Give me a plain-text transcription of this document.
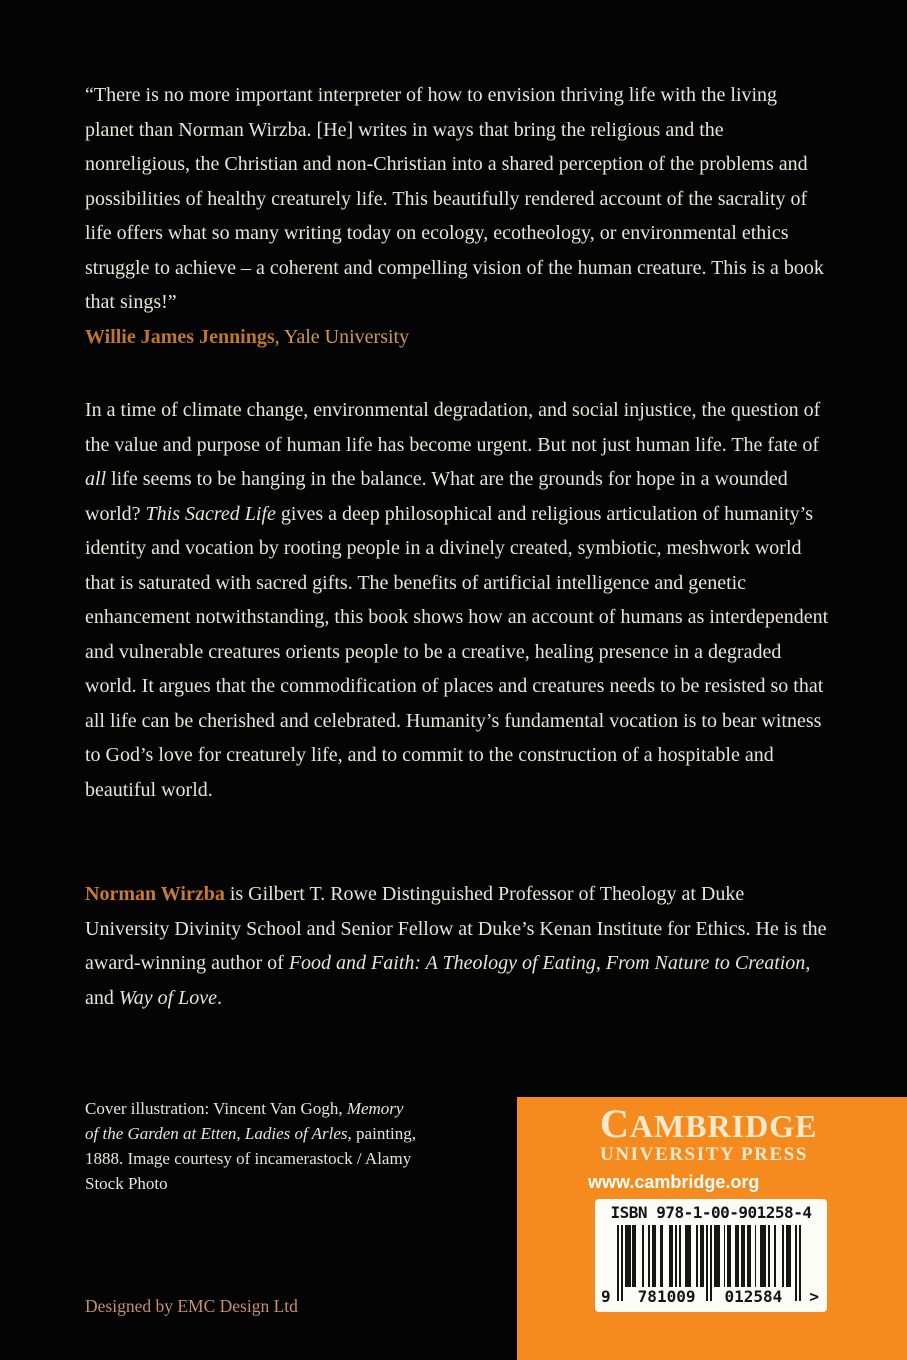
“There is no more important interpreter of how to envision thriving life with the living planet than Norman Wirzba. [He] writes in ways that bring the religious and the nonreligious, the Christian and non-Christian into a shared perception of the problems and possibilities of healthy creaturely life. This beautifully rendered account of the sacrality of life offers what so many writing today on ecology, ecotheology, or environmental ethics struggle to achieve – a coherent and compelling vision of the human creature. This is a book that sings!”
Willie James Jennings, Yale University
In a time of climate change, environmental degradation, and social injustice, the question of the value and purpose of human life has become urgent. But not just human life. The fate of all life seems to be hanging in the balance. What are the grounds for hope in a wounded world? This Sacred Life gives a deep philosophical and religious articulation of humanity’s identity and vocation by rooting people in a divinely created, symbiotic, meshwork world that is saturated with sacred gifts. The benefits of artificial intelligence and genetic enhancement notwithstanding, this book shows how an account of humans as interdependent and vulnerable creatures orients people to be a creative, healing presence in a degraded world. It argues that the commodification of places and creatures needs to be resisted so that all life can be cherished and celebrated. Humanity’s fundamental vocation is to bear witness to God’s love for creaturely life, and to commit to the construction of a hospitable and beautiful world.
Norman Wirzba is Gilbert T. Rowe Distinguished Professor of Theology at Duke University Divinity School and Senior Fellow at Duke’s Kenan Institute for Ethics. He is the award-winning author of Food and Faith: A Theology of Eating, From Nature to Creation, and Way of Love.
Cover illustration: Vincent Van Gogh, Memory of the Garden at Etten, Ladies of Arles, painting, 1888. Image courtesy of incamerastock / Alamy Stock Photo
Designed by EMC Design Ltd
CAMBRIDGE
UNIVERSITY PRESS
www.cambridge.org
ISBN 978-1-00-901258-4
9 781009 012584 >
